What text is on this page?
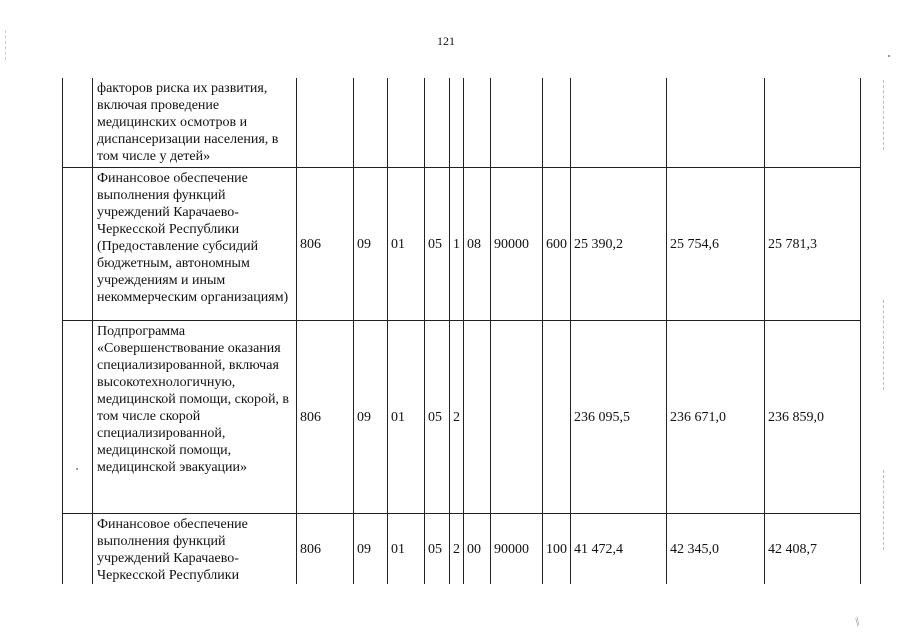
121
∕∕
	факторов риска их развития, включая проведение медицинских осмотров и диспансеризации населения, в том числе у детей»											
	Финансовое обеспечение выполнения функций учреждений Карачаево-Черкесской Республики (Предоставление субсидий бюджетным, автономным учреждениям и иным некоммерческим организациям)	806	09	01	05	1	08	90000	600	25 390,2	25 754,6	25 781,3
	Подпрограмма «Совершенствование оказания специализированной, включая высокотехнологичную, медицинской помощи, скорой, в том числе скорой специализированной, медицинской помощи, медицинской эвакуации»	806	09	01	05	2				236 095,5	236 671,0	236 859,0
	Финансовое обеспечение выполнения функций учреждений Карачаево-Черкесской Республики	806	09	01	05	2	00	90000	100	41 472,4	42 345,0	42 408,7
